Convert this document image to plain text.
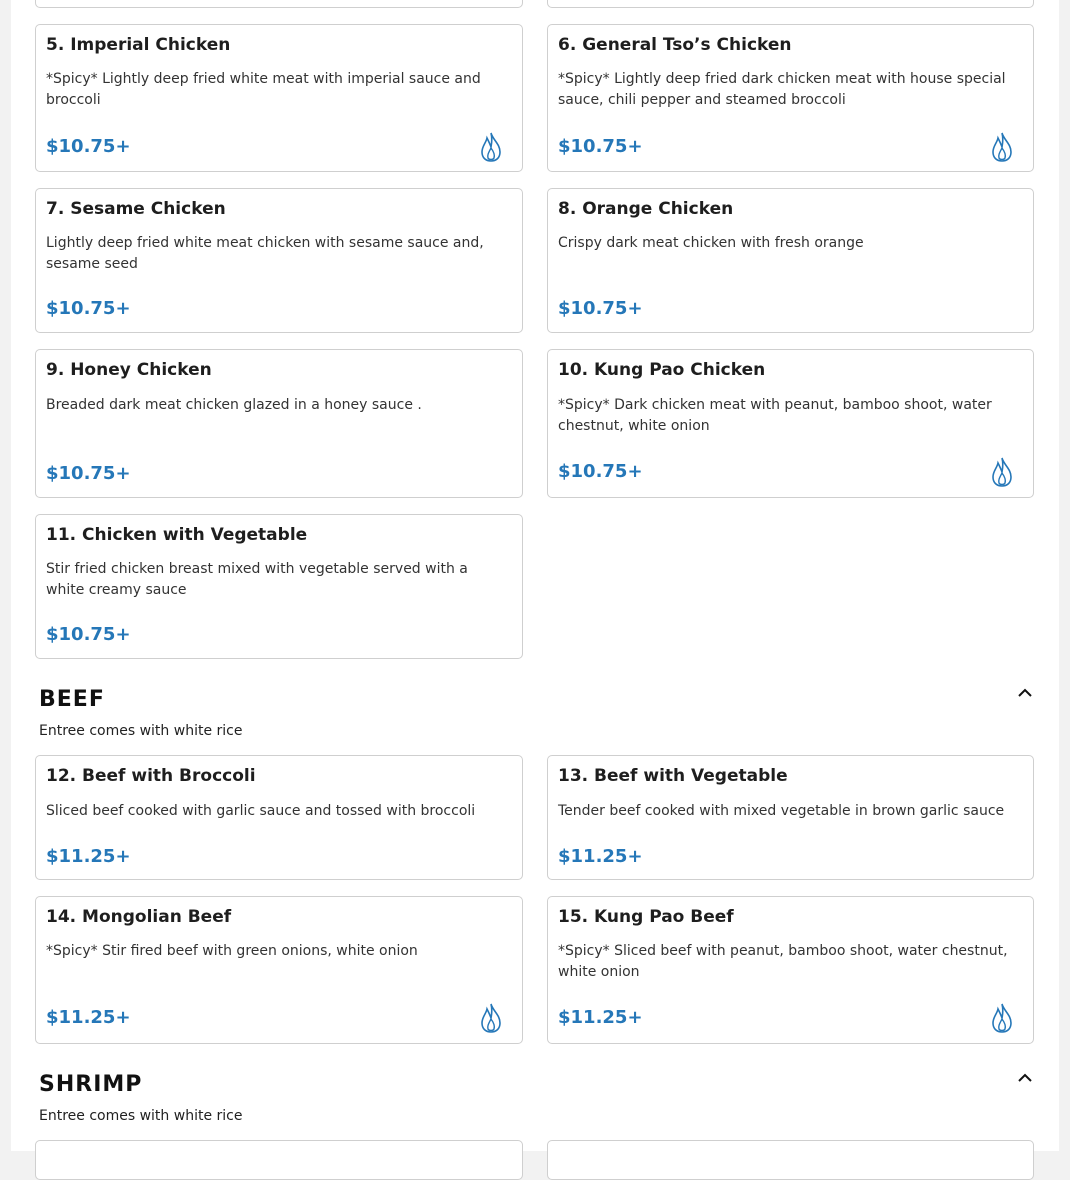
5. Imperial Chicken
*Spicy* Lightly deep fried white meat with imperial sauce and broccoli
$10.75+
6. General Tso’s Chicken
*Spicy* Lightly deep fried dark chicken meat with house special sauce, chili pepper and steamed broccoli
$10.75+
7. Sesame Chicken
Lightly deep fried white meat chicken with sesame sauce and, sesame seed
$10.75+
8. Orange Chicken
Crispy dark meat chicken with fresh orange
$10.75+
9. Honey Chicken
Breaded dark meat chicken glazed in a honey sauce .
$10.75+
10. Kung Pao Chicken
*Spicy* Dark chicken meat with peanut, bamboo shoot, water chestnut, white onion
$10.75+
11. Chicken with Vegetable
Stir fried chicken breast mixed with vegetable served with a white creamy sauce
$10.75+
BEEF
Entree comes with white rice
12. Beef with Broccoli
Sliced beef cooked with garlic sauce and tossed with broccoli
$11.25+
13. Beef with Vegetable
Tender beef cooked with mixed vegetable in brown garlic sauce
$11.25+
14. Mongolian Beef
*Spicy* Stir fired beef with green onions, white onion
$11.25+
15. Kung Pao Beef
*Spicy* Sliced beef with peanut, bamboo shoot, water chestnut, white onion
$11.25+
SHRIMP
Entree comes with white rice
